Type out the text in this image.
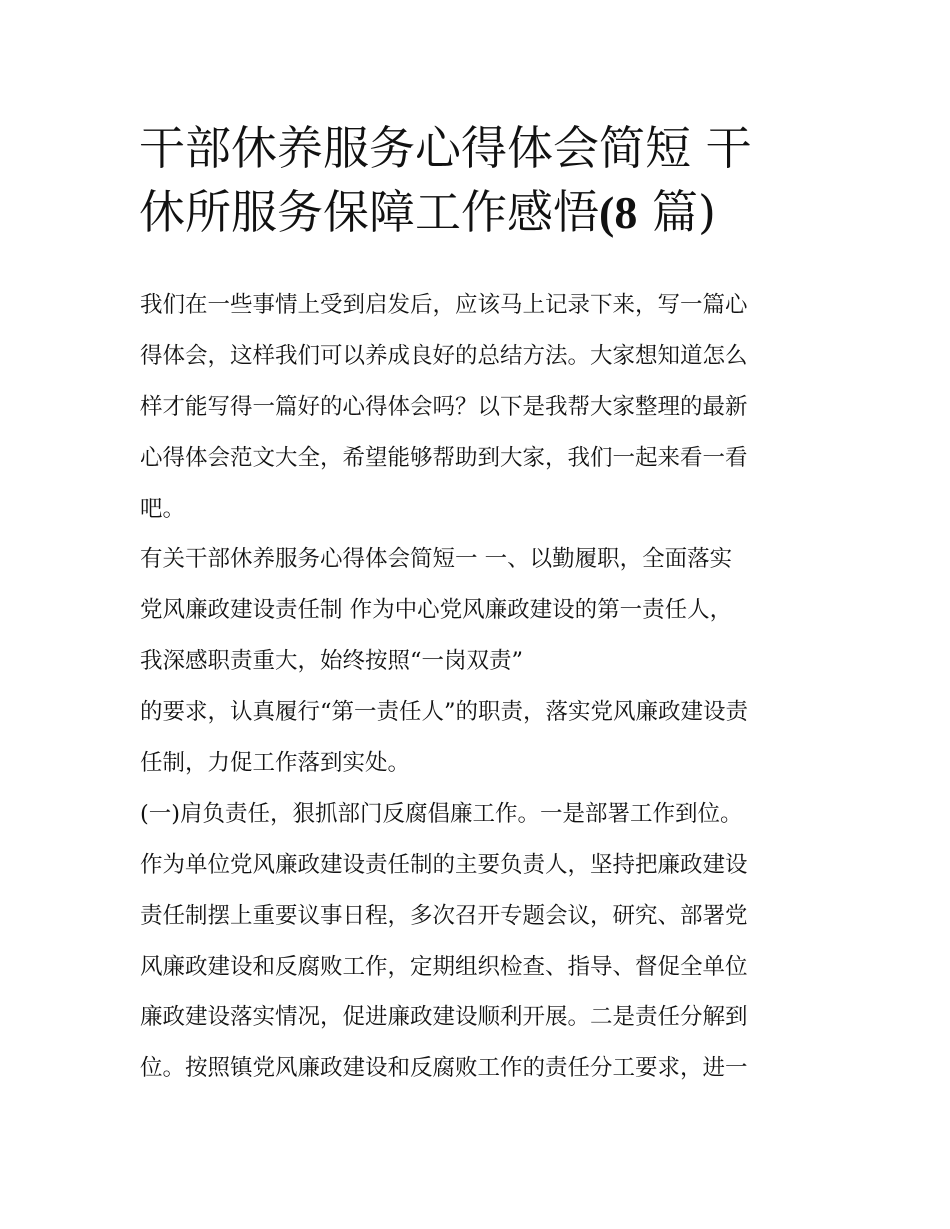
干部休养服务心得体会简短 干
休所服务保障工作感悟(8 篇)
我们在一些事情上受到启发后，应该马上记录下来，写一篇心
得体会，这样我们可以养成良好的总结方法。大家想知道怎么
样才能写得一篇好的心得体会吗？以下是我帮大家整理的最新
心得体会范文大全，希望能够帮助到大家，我们一起来看一看
吧。
有关干部休养服务心得体会简短一 一、以勤履职，全面落实
党风廉政建设责任制 作为中心党风廉政建设的第一责任人，
我深感职责重大，始终按照“一岗双责”
的要求，认真履行“第一责任人”的职责，落实党风廉政建设责
任制，力促工作落到实处。
(一)肩负责任，狠抓部门反腐倡廉工作。一是部署工作到位。
作为单位党风廉政建设责任制的主要负责人，坚持把廉政建设
责任制摆上重要议事日程，多次召开专题会议，研究、部署党
风廉政建设和反腐败工作，定期组织检查、指导、督促全单位
廉政建设落实情况，促进廉政建设顺利开展。二是责任分解到
位。按照镇党风廉政建设和反腐败工作的责任分工要求，进一
